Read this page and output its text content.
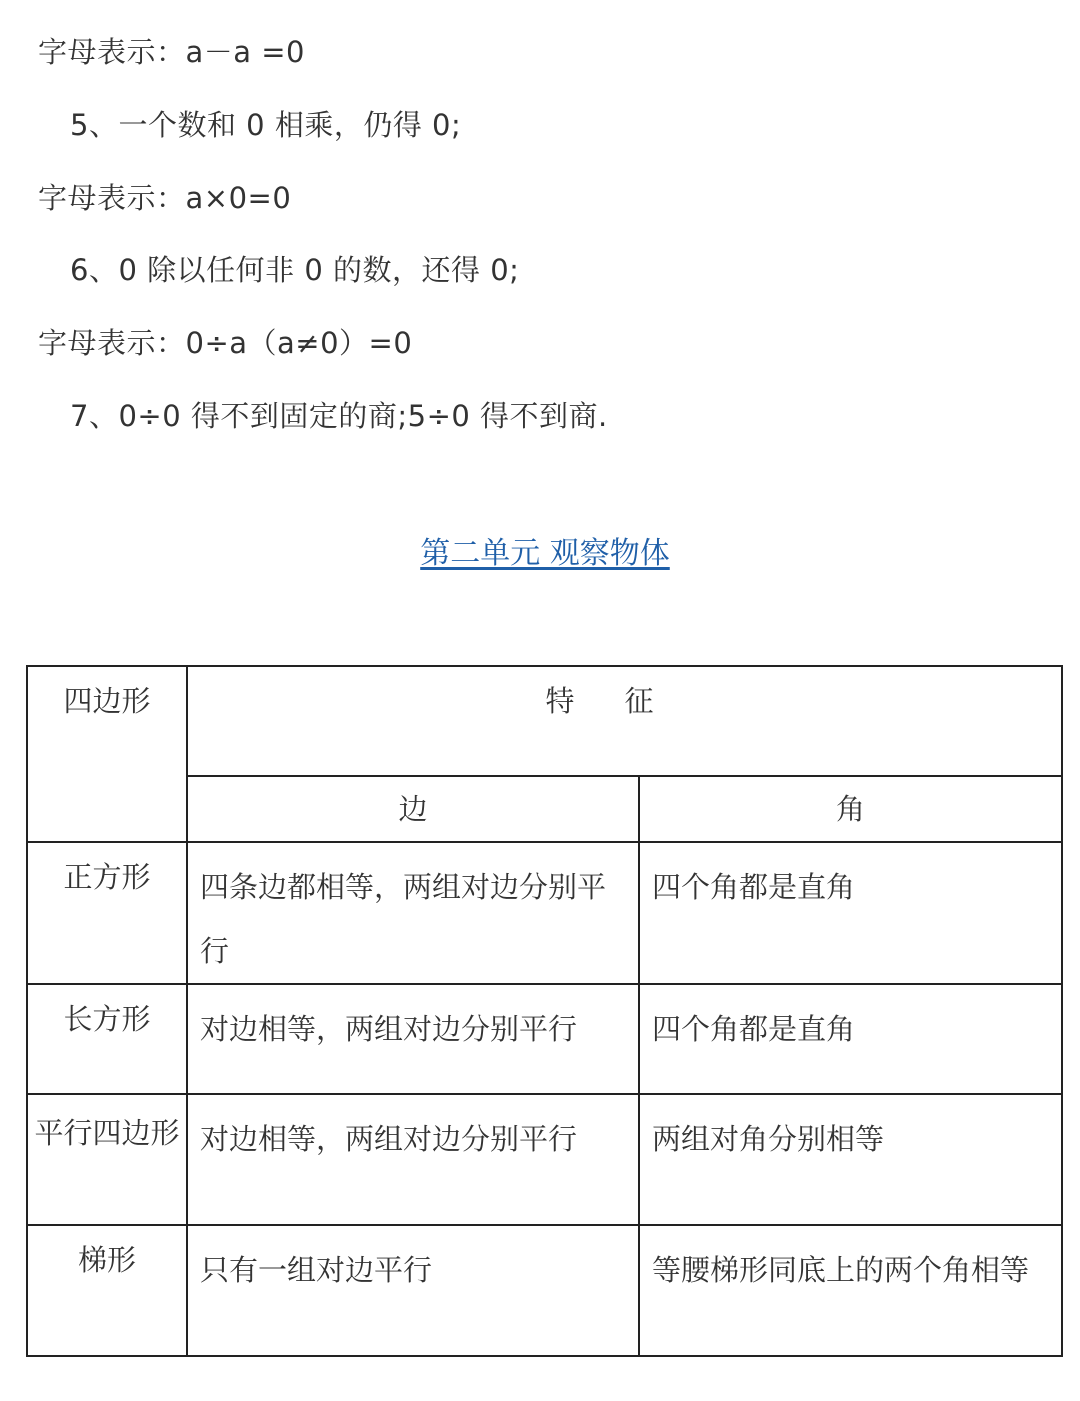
字母表示：a－a =0
5、一个数和 0 相乘，仍得 0;
字母表示：a×0=0
6、0 除以任何非 0 的数，还得 0;
字母表示：0÷a（a≠0）=0
7、0÷0 得不到固定的商;5÷0 得不到商.
第二单元 观察物体
四边形	特征	
	边	角
正方形	四条边都相等，两组对边分别平行	四个角都是直角
长方形	对边相等，两组对边分别平行	四个角都是直角
平行四边形	对边相等，两组对边分别平行	两组对角分别相等
梯形	只有一组对边平行	等腰梯形同底上的两个角相等
